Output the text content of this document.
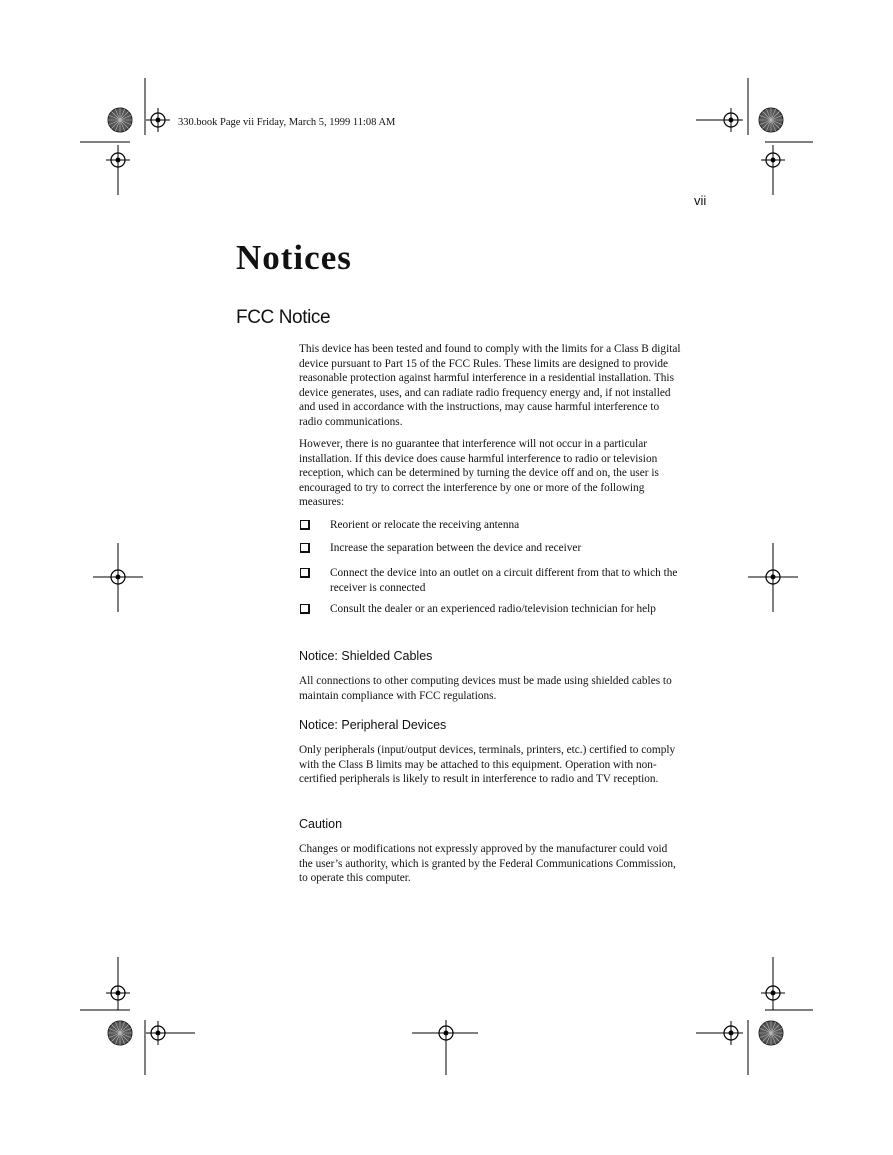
330.book Page vii Friday, March 5, 1999 11:08 AM
vii
Notices
FCC Notice
This device has been tested and found to comply with the limits for a Class B digital device pursuant to Part 15 of the FCC Rules. These limits are designed to provide reasonable protection against harmful interference in a residential installation. This device generates, uses, and can radiate radio frequency energy and, if not installed and used in accordance with the instructions, may cause harmful interference to radio communications.
However, there is no guarantee that interference will not occur in a particular installation. If this device does cause harmful interference to radio or television reception, which can be determined by turning the device off and on, the user is encouraged to try to correct the interference by one or more of the following measures:
Reorient or relocate the receiving antenna
Increase the separation between the device and receiver
Connect the device into an outlet on a circuit different from that to which the receiver is connected
Consult the dealer or an experienced radio/television technician for help
Notice: Shielded Cables
All connections to other computing devices must be made using shielded cables to maintain compliance with FCC regulations.
Notice: Peripheral Devices
Only peripherals (input/output devices, terminals, printers, etc.) certified to comply with the Class B limits may be attached to this equipment. Operation with non-certified peripherals is likely to result in interference to radio and TV reception.
Caution
Changes or modifications not expressly approved by the manufacturer could void the user’s authority, which is granted by the Federal Communications Commission, to operate this computer.
